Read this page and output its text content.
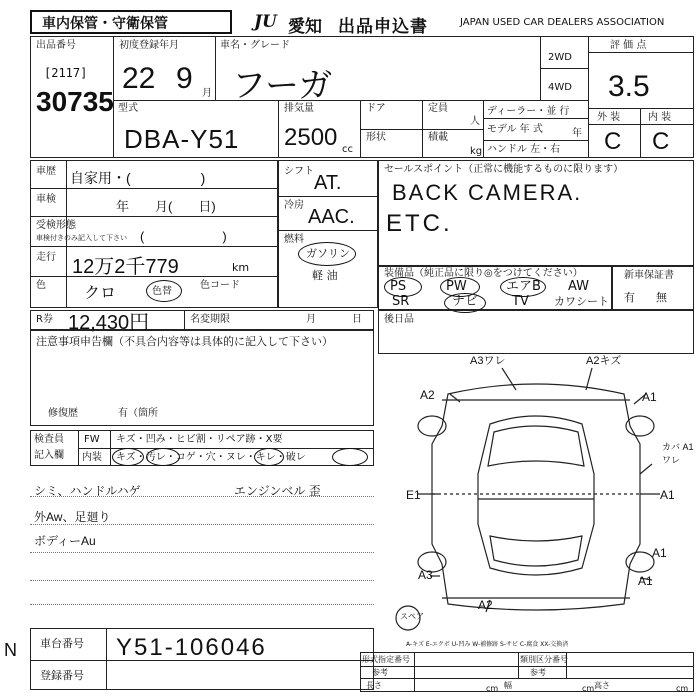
車内保管・守衛保管	JU 愛知 出品申込書	JAPAN USED CAR DEALERS ASSOCIATION
出品番号
[2117]
30735
初度登録年月
22 9 月
車名・グレード
フーガ
2WD
4WD
評 価 点
3.5
外 装	内 装
C C
型式
DBA-Y51
排気量
2500 cc
ドア
形状
定員
人
積載
kg
ディーラー・並 行
モデル 年 式	年
ハンドル 左・右
車歴 自家用・(　　　　　)
車検	年　　月(　　日)
受検形態
車検付きのみ記入して下さい (　　　　　　)
走行 12万2千779	km
色 クロ	色替
色コード
シフト
AT.
冷房
AAC.
燃料
ガソリン
軽 油
セールスポイント（正常に機能するものに限ります）
BACK CAMERA.
ETC.
装備品（純正品に限り◎をつけてください）
PS	PW	エアB AW
SR	ナビ	TV カワシート
新車保証書
有 無
R券 12,430円	名変期限	月	日 後日品
注意事項申告欄（不具合内容等は具体的に記入して下さい）
修復歴	有（箇所
検査員
記入欄
FW キズ・凹み・ヒビ割・リペア跡・X要
内装 キズ・汚レ・コゲ・穴・ヌレ・キレ・破レ
シミ、ハンドルハゲ	エンジンベル 歪
外Aw、足廻り
ボディーAu
A3ワレ	A2キズ
A2	A1
カバ A1ワレ
E1	A1
A1
A3	A1
A2
スペア
A-キズ E-エクボ U-凹み W-補修跡 S-サビ C-腐食 XX-交換済
車台番号 Y51-106046
登録番号
N	形式指定番号
参考
類別区分番号
参考
長さ	cm 幅	cm 高さ	cm
